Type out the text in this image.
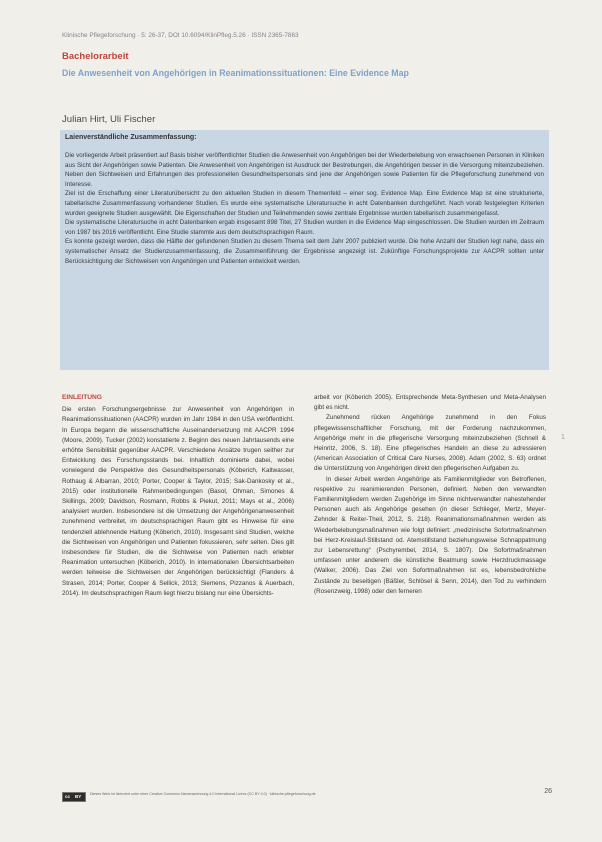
Klinische Pflegeforschung · 5: 26-37, DOI 10.6094/KlinPfleg.5.26 · ISSN 2365-7863
Bachelorarbeit
Die Anwesenheit von Angehörigen in Reanimationssituationen: Eine Evidence Map
Julian Hirt, Uli Fischer
Laienverständliche Zusammenfassung:

Die vorliegende Arbeit präsentiert auf Basis bisher veröffentlichter Studien die Anwesenheit von Angehörigen bei der Wiederbelebung von erwachsenen Personen in Kliniken aus Sicht der Angehörigen sowie Patienten. Die Anwesenheit von Angehörigen ist Ausdruck der Bestrebungen, die Angehörigen besser in die Versorgung miteinzubeziehen. Neben den Sichtweisen und Erfahrungen des professionellen Gesundheitspersonals sind jene der Angehörigen sowie Patienten für die Pflegeforschung zunehmend von Interesse.

Ziel ist die Erschaffung einer Literaturübersicht zu den aktuellen Studien in diesem Themenfeld – einer sog. Evidence Map. Eine Evidence Map ist eine strukturierte, tabellarische Zusammenfassung vorhandener Studien. Es wurde eine systematische Literatursuche in acht Datenbanken durchgeführt. Nach vorab festgelegten Kriterien wurden geeignete Studien ausgewählt. Die Eigenschaften der Studien und Teilnehmenden sowie zentrale Ergebnisse wurden tabellarisch zusammengefasst.

Die systematische Literatursuche in acht Datenbanken ergab insgesamt 898 Titel, 27 Studien wurden in die Evidence Map eingeschlossen. Die Studien wurden im Zeitraum von 1987 bis 2016 veröffentlicht. Eine Studie stammte aus dem deutschsprachigen Raum.

Es konnte gezeigt werden, dass die Hälfte der gefundenen Studien zu diesem Thema seit dem Jahr 2007 publiziert wurde. Die hohe Anzahl der Studien legt nahe, dass ein systematischer Ansatz der Studienzusammenfassung, die Zusammenführung der Ergebnisse angezeigt ist. Zukünftige Forschungsprojekte zur AACPR sollten unter Berücksichtigung der Sichtweisen von Angehörigen und Patienten entwickelt werden.

EINLEITUNG

Die ersten Forschungsergebnisse zur Anwesenheit von Angehörigen in Reanimationssituationen (AACPR) wurden im Jahr 1984 in den USA veröffentlicht. In Europa begann die wissenschaftliche Auseinandersetzung mit AACPR 1994 (Moore, 2009). Tucker (2002) konstatierte z. Beginn des neuen Jahrtausends eine erhöhte Sensibilität gegenüber AACPR. Verschiedene Ansätze trugen seither zur Entwicklung des Forschungsstands bei. Inhaltlich dominierte dabei, wobei vorwiegend die Perspektive des Gesundheitspersonals (Köberich, Kaltwasser, Rothaug & Albarran, 2010; Porter, Cooper & Taylor, 2015; Sak-Dankosky et al., 2015) oder institutionelle Rahmenbedingungen (Basol, Ohman, Simones & Skillings, 2009; Davidson, Rosmann, Robbs & Piekut, 2011; Mays et al., 2006) analysiert wurden. Insbesondere ist die Umsetzung der Angehörigenanwesenheit zunehmend verbreitet, im deutschsprachigen Raum gibt es Hinweise für eine tendenziell ablehnende Haltung (Köberich, 2010). Insgesamt sind Studien, welche die Sichtweisen von Angehörigen und Patienten fokussieren, sehr selten. Dies gilt insbesondere für Studien, die die Sichtweise von Patienten nach erlebter Reanimation untersuchen (Köberich, 2010). In internationalen Übersichtsarbeiten werden teilweise die Sichtweisen der Angehörigen berücksichtigt (Flanders & Strasen, 2014; Porter, Cooper & Sellick, 2013; Siemens, Pizzanos & Auerbach, 2014). Im deutschsprachigen Raum liegt hierzu bislang nur eine Übersichts-

arbeit vor (Köberich 2005). Entsprechende Meta-Synthesen und Meta-Analysen gibt es nicht.

Zunehmend rücken Angehörige zunehmend in den Fokus pflegewissenschaftlicher Forschung, mit der Forderung nachzukommen, Angehörige mehr in die pflegerische Versorgung miteinzubeziehen (Schnell & Heinritz, 2006, S. 18). Eine pflegerisches Handeln an diese zu adressieren (American Association of Critical Care Nurses, 2008). Adam (2002, S. 63) ordnet die Unterstützung von Angehörigen direkt den pflegerischen Aufgaben zu.

In dieser Arbeit werden Angehörige als Familienmitglieder von Betroffenen, respektive zu reanimierenden Personen, definiert. Neben den verwandten Familienmitgliedern werden Zugehörige im Sinne nichtverwandter nahestehender Personen auch als Angehörige gesehen (in dieser Schlieger, Mertz, Meyer-Zehnder & Reiter-Theil, 2012, S. 218). Reanimationsmaßnahmen werden als Wiederbelebungsmaßnahmen wie folgt definiert: „medizinische Sofortmaßnahmen bei Herz-Kreislauf-Stillstand od. Atemstillstand beziehungsweise Schnappatmung zur Lebensrettung“ (Pschyrembel, 2014, S. 1807). Die Sofortmaßnahmen umfassen unter anderem die künstliche Beatmung sowie Herzdruckmassage (Walker, 2006). Das Ziel von Sofortmaßnahmen ist es, lebensbedrohliche Zustände zu beseitigen (Bäßler, Schlösel & Senn, 2014), den Tod zu verhindern (Rosenzweig, 1998) oder den ferneren

1
cc BY Dieses Werk ist lizenziert unter einer Creative Commons Namensnennung 4.0 International Lizenz (CC BY 4.0) · klinische-pflegeforschung.de	26
